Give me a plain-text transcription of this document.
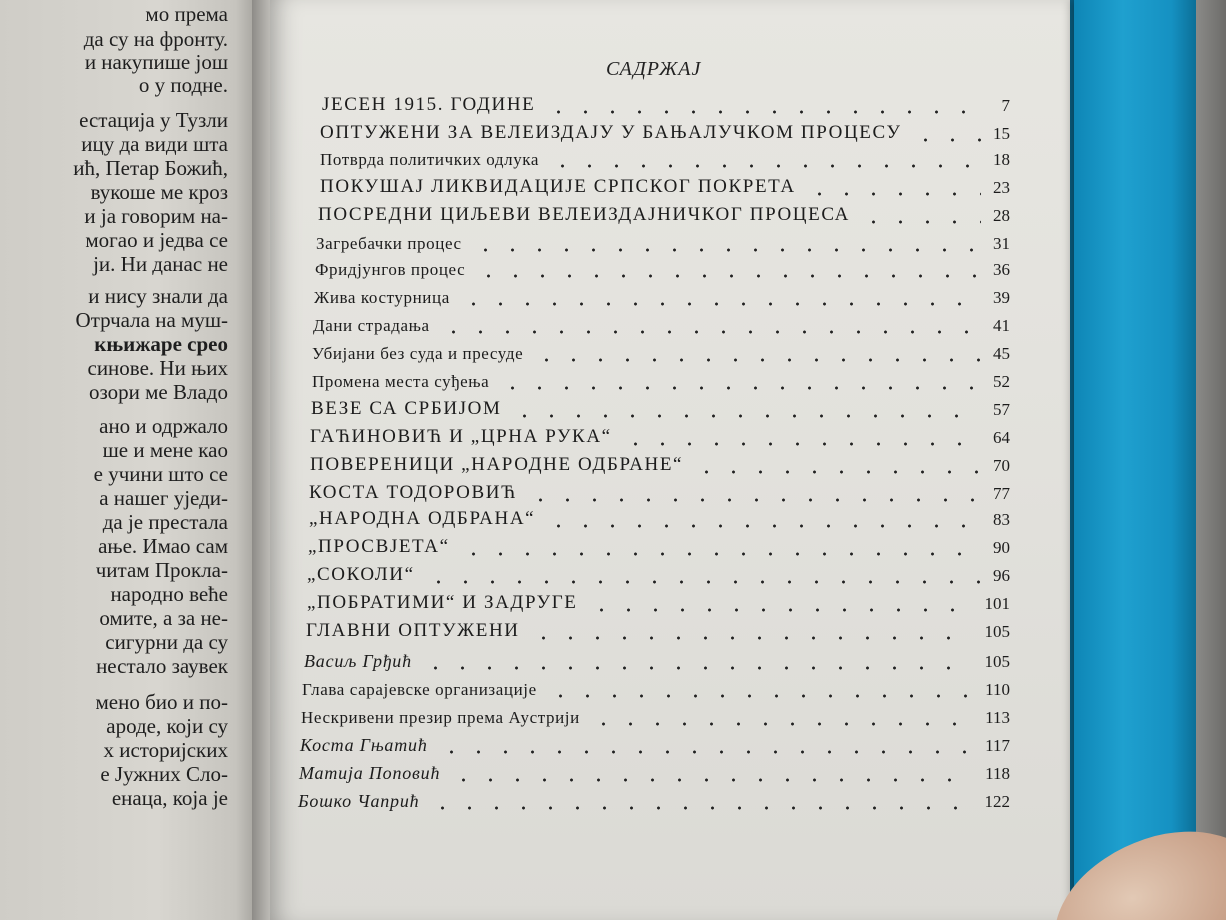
мо према
да су на фронту.
и накупише још
о у подне.
естација у Тузли
ицу да види шта
ић, Петар Божић,
вукоше ме кроз
и ја говорим на-
могао и једва се
ји. Ни данас не
и нису знали да
Отрчала на муш-
књижаре срео
синове. Ни њих
озори ме Владо
ано и одржало
ше и мене као
е учини што се
а нашег уједи-
да је престала
ање. Имао сам
читам Прокла-
народно веће
омите, а за не-
сигурни да су
нестало заувек
мено био и по-
ароде, који су
х историјских
е Јужних Сло-
енаца, која је
САДРЖАЈ
ЈЕСЕН 1915. ГОДИНЕ	7
ОПТУЖЕНИ ЗА ВЕЛЕИЗДАЈУ У БАЊАЛУЧКОМ ПРОЦЕСУ	15
Потврда политичких одлука	18
ПОКУШАЈ ЛИКВИДАЦИЈЕ СРПСКОГ ПОКРЕТА	23
ПОСРЕДНИ ЦИЉЕВИ ВЕЛЕИЗДАЈНИЧКОГ ПРОЦЕСА	28
Загребачки процес	31
Фридјунгов процес	36
Жива костурница	39
Дани страдања	41
Убијани без суда и пресуде	45
Промена места суђења	52
ВЕЗЕ СА СРБИЈОМ	57
ГАЋИНОВИЋ И „ЦРНА РУКА“	64
ПОВЕРЕНИЦИ „НАРОДНЕ ОДБРАНЕ“	70
КОСТА ТОДОРОВИЋ	77
„НАРОДНА ОДБРАНА“	83
„ПРОСВЈЕТА“	90
„СОКОЛИ“	96
„ПОБРАТИМИ“ И ЗАДРУГЕ	101
ГЛАВНИ ОПТУЖЕНИ	105
Васиљ Грђић	105
Глава сарајевске организације	110
Нескривени презир према Аустрији	113
Коста Гњатић	117
Матија Поповић	118
Бошко Чапрић	122
